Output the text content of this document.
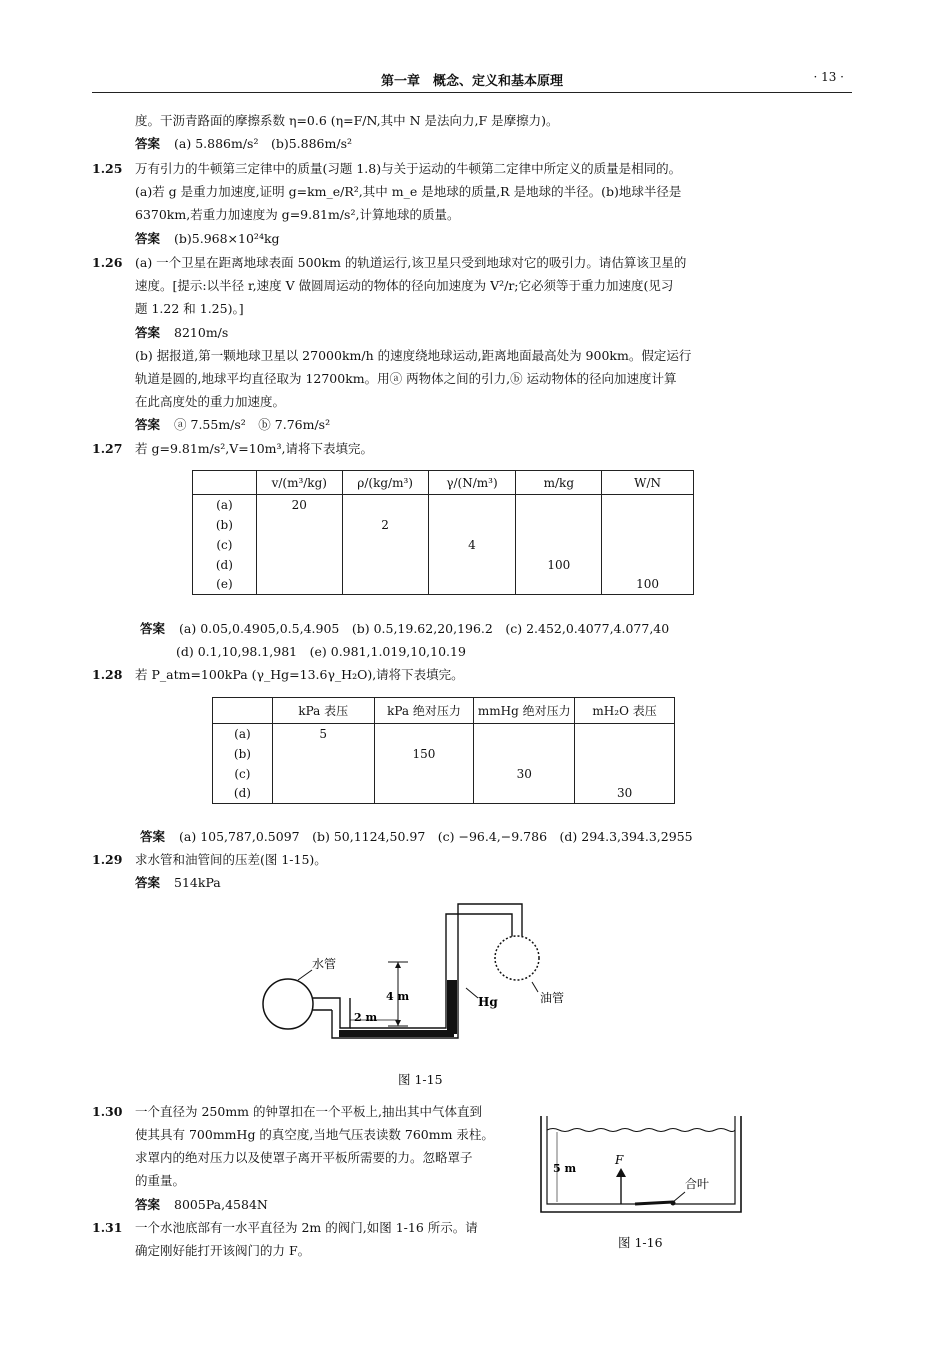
第一章　概念、定义和基本原理	· 13 ·
度。干沥青路面的摩擦系数 η=0.6 (η=F/N,其中 N 是法向力,F 是摩擦力)。
答案 (a) 5.886m/s²　(b)5.886m/s²
1.25 万有引力的牛顿第三定律中的质量(习题 1.8)与关于运动的牛顿第二定律中所定义的质量是相同的。
(a)若 g 是重力加速度,证明 g=km_e/R²,其中 m_e 是地球的质量,R 是地球的半径。(b)地球半径是
6370km,若重力加速度为 g=9.81m/s²,计算地球的质量。
答案 (b)5.968×10²⁴kg
1.26 (a) 一个卫星在距离地球表面 500km 的轨道运行,该卫星只受到地球对它的吸引力。请估算该卫星的
速度。[提示:以半径 r,速度 V 做圆周运动的物体的径向加速度为 V²/r;它必须等于重力加速度(见习
题 1.22 和 1.25)。]
答案 8210m/s
(b) 据报道,第一颗地球卫星以 27000km/h 的速度绕地球运动,距离地面最高处为 900km。假定运行
轨道是圆的,地球平均直径取为 12700km。用ⓐ 两物体之间的引力,ⓑ 运动物体的径向加速度计算
在此高度处的重力加速度。
答案 ⓐ 7.55m/s²　ⓑ 7.76m/s²
1.27 若 g=9.81m/s²,V=10m³,请将下表填完。
	v/(m³/kg)	ρ/(kg/m³)	γ/(N/m³)	m/kg	W/N
(a)	20				
(b)		2			
(c)			4		
(d)				100	
(e)					100
答案 (a) 0.05,0.4905,0.5,4.905　(b) 0.5,19.62,20,196.2　(c) 2.452,0.4077,4.077,40
(d) 0.1,10,98.1,981　(e) 0.981,1.019,10,10.19
1.28 若 P_atm=100kPa (γ_Hg=13.6γ_H₂O),请将下表填完。
	kPa 表压	kPa 绝对压力	mmHg 绝对压力	mH₂O 表压
(a)	5			
(b)		150		
(c)			30	
(d)				30
答案 (a) 105,787,0.5097　(b) 50,1124,50.97　(c) −96.4,−9.786　(d) 294.3,394.3,2955
1.29 求水管和油管间的压差(图 1-15)。
答案 514kPa
水管
油管
Hg
4 m
2 m
图 1-15
1.30 一个直径为 250mm 的钟罩扣在一个平板上,抽出其中气体直到
使其具有 700mmHg 的真空度,当地气压表读数 760mm 汞柱。
求罩内的绝对压力以及使罩子离开平板所需要的力。忽略罩子
的重量。
答案 8005Pa,4584N
1.31 一个水池底部有一水平直径为 2m 的阀门,如图 1-16 所示。请
确定刚好能打开该阀门的力 F。
5 m
F
合叶
图 1-16
